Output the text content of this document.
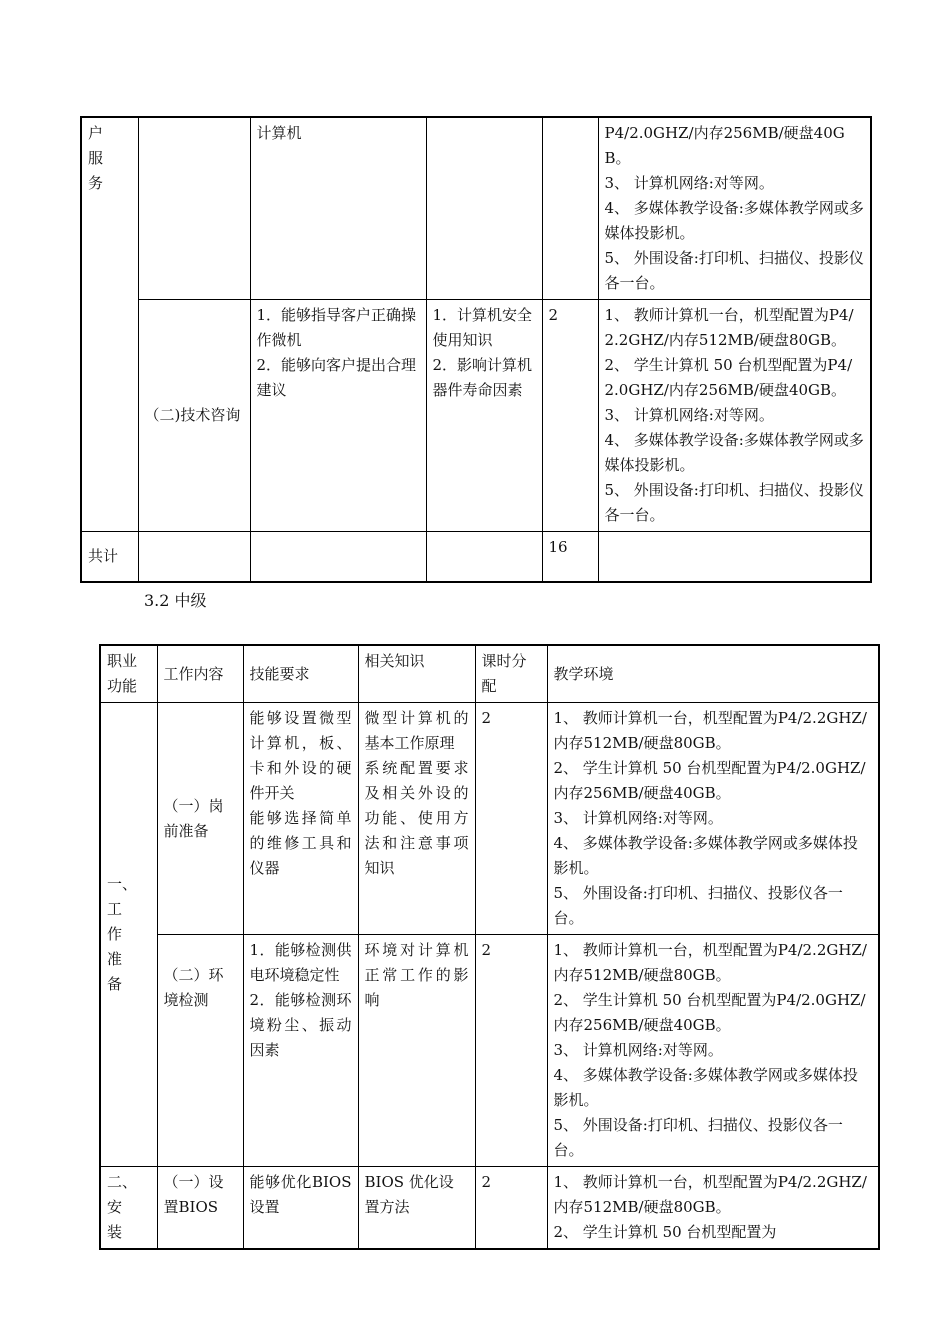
户
服
务		计算机			P4/2.0GHZ/内存256MB/硬盘40GB。
3、 计算机网络:对等网。
4、 多媒体教学设备:多媒体教学网或多媒体投影机。
5、 外围设备:打印机、扫描仪、投影仪各一台。

	（二)技术咨询	1．能够指导客户正确操作微机
2．能够向客户提出合理建议	1．计算机安全使用知识
2．影响计算机器件寿命因素	2	1、 教师计算机一台，机型配置为P4/2.2GHZ/内存512MB/硬盘80GB。
2、 学生计算机 50 台机型配置为P4/2.0GHZ/内存256MB/硬盘40GB。
3、 计算机网络:对等网。
4、 多媒体教学设备:多媒体教学网或多媒体投影机。
5、 外围设备:打印机、扫描仪、投影仪各一台。

共计				16	
3.2 中级
职业功能	工作内容	技能要求	相关知识	课时分配	教学环境
一、
工
作
准
备	（一）岗前准备	能够设置微型计算机，板、卡和外设的硬件开关
能够选择简单的维修工具和仪器	微型计算机的基本工作原理
系统配置要求及相关外设的功能、使用方法和注意事项知识	2	1、 教师计算机一台，机型配置为P4/2.2GHZ/内存512MB/硬盘80GB。
2、 学生计算机 50 台机型配置为P4/2.0GHZ/内存256MB/硬盘40GB。
3、 计算机网络:对等网。
4、 多媒体教学设备:多媒体教学网或多媒体投影机。
5、 外围设备:打印机、扫描仪、投影仪各一台。

	（二）环境检测	1．能够检测供电环境稳定性
2．能够检测环境粉尘、振动因素	环境对计算机正常工作的影响	2	1、 教师计算机一台，机型配置为P4/2.2GHZ/内存512MB/硬盘80GB。
2、 学生计算机 50 台机型配置为P4/2.0GHZ/内存256MB/硬盘40GB。
3、 计算机网络:对等网。
4、 多媒体教学设备:多媒体教学网或多媒体投影机。
5、 外围设备:打印机、扫描仪、投影仪各一台。

二、
安
装	（一）设置BIOS	能够优化BIOS设置	BIOS 优化设置方法	2	1、 教师计算机一台，机型配置为P4/2.2GHZ/内存512MB/硬盘80GB。
2、 学生计算机 50 台机型配置为
